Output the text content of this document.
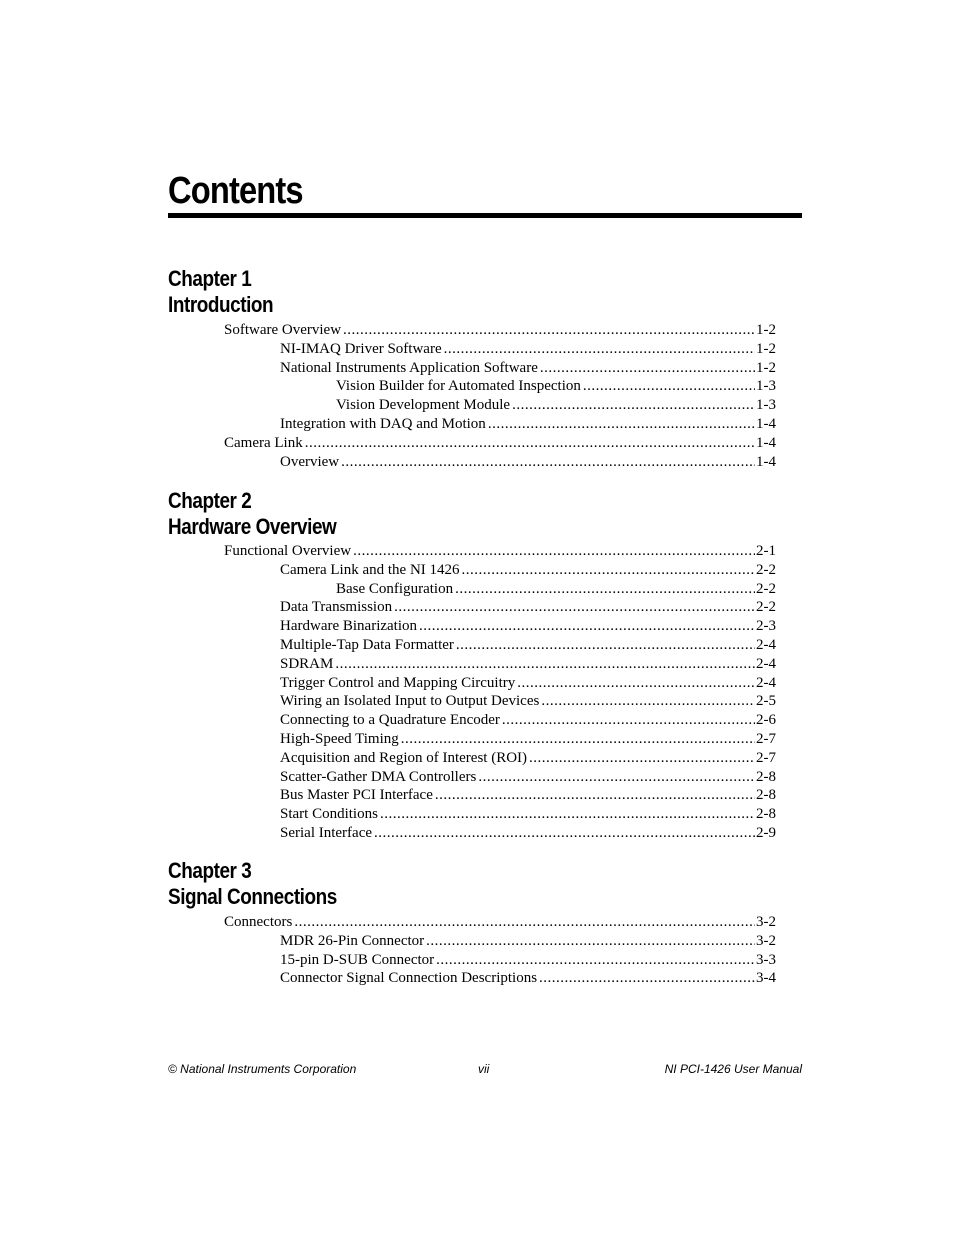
Contents
Chapter 1
Introduction
Software Overview .....	1-2
NI-IMAQ Driver Software .....	1-2
National Instruments Application Software .....	1-2
Vision Builder for Automated Inspection .....	1-3
Vision Development Module .....	1-3
Integration with DAQ and Motion .....	1-4
Camera Link .....	1-4
Overview .....	1-4
Chapter 2
Hardware Overview
Functional Overview .....	2-1
Camera Link and the NI 1426 .....	2-2
Base Configuration .....	2-2
Data Transmission .....	2-2
Hardware Binarization .....	2-3
Multiple-Tap Data Formatter .....	2-4
SDRAM .....	2-4
Trigger Control and Mapping Circuitry .....	2-4
Wiring an Isolated Input to Output Devices .....	2-5
Connecting to a Quadrature Encoder .....	2-6
High-Speed Timing .....	2-7
Acquisition and Region of Interest (ROI) .....	2-7
Scatter-Gather DMA Controllers .....	2-8
Bus Master PCI Interface .....	2-8
Start Conditions .....	2-8
Serial Interface .....	2-9
Chapter 3
Signal Connections
Connectors .....	3-2
MDR 26-Pin Connector .....	3-2
15-pin D-SUB Connector .....	3-3
Connector Signal Connection Descriptions .....	3-4
© National Instruments Corporation	vii	NI PCI-1426 User Manual
